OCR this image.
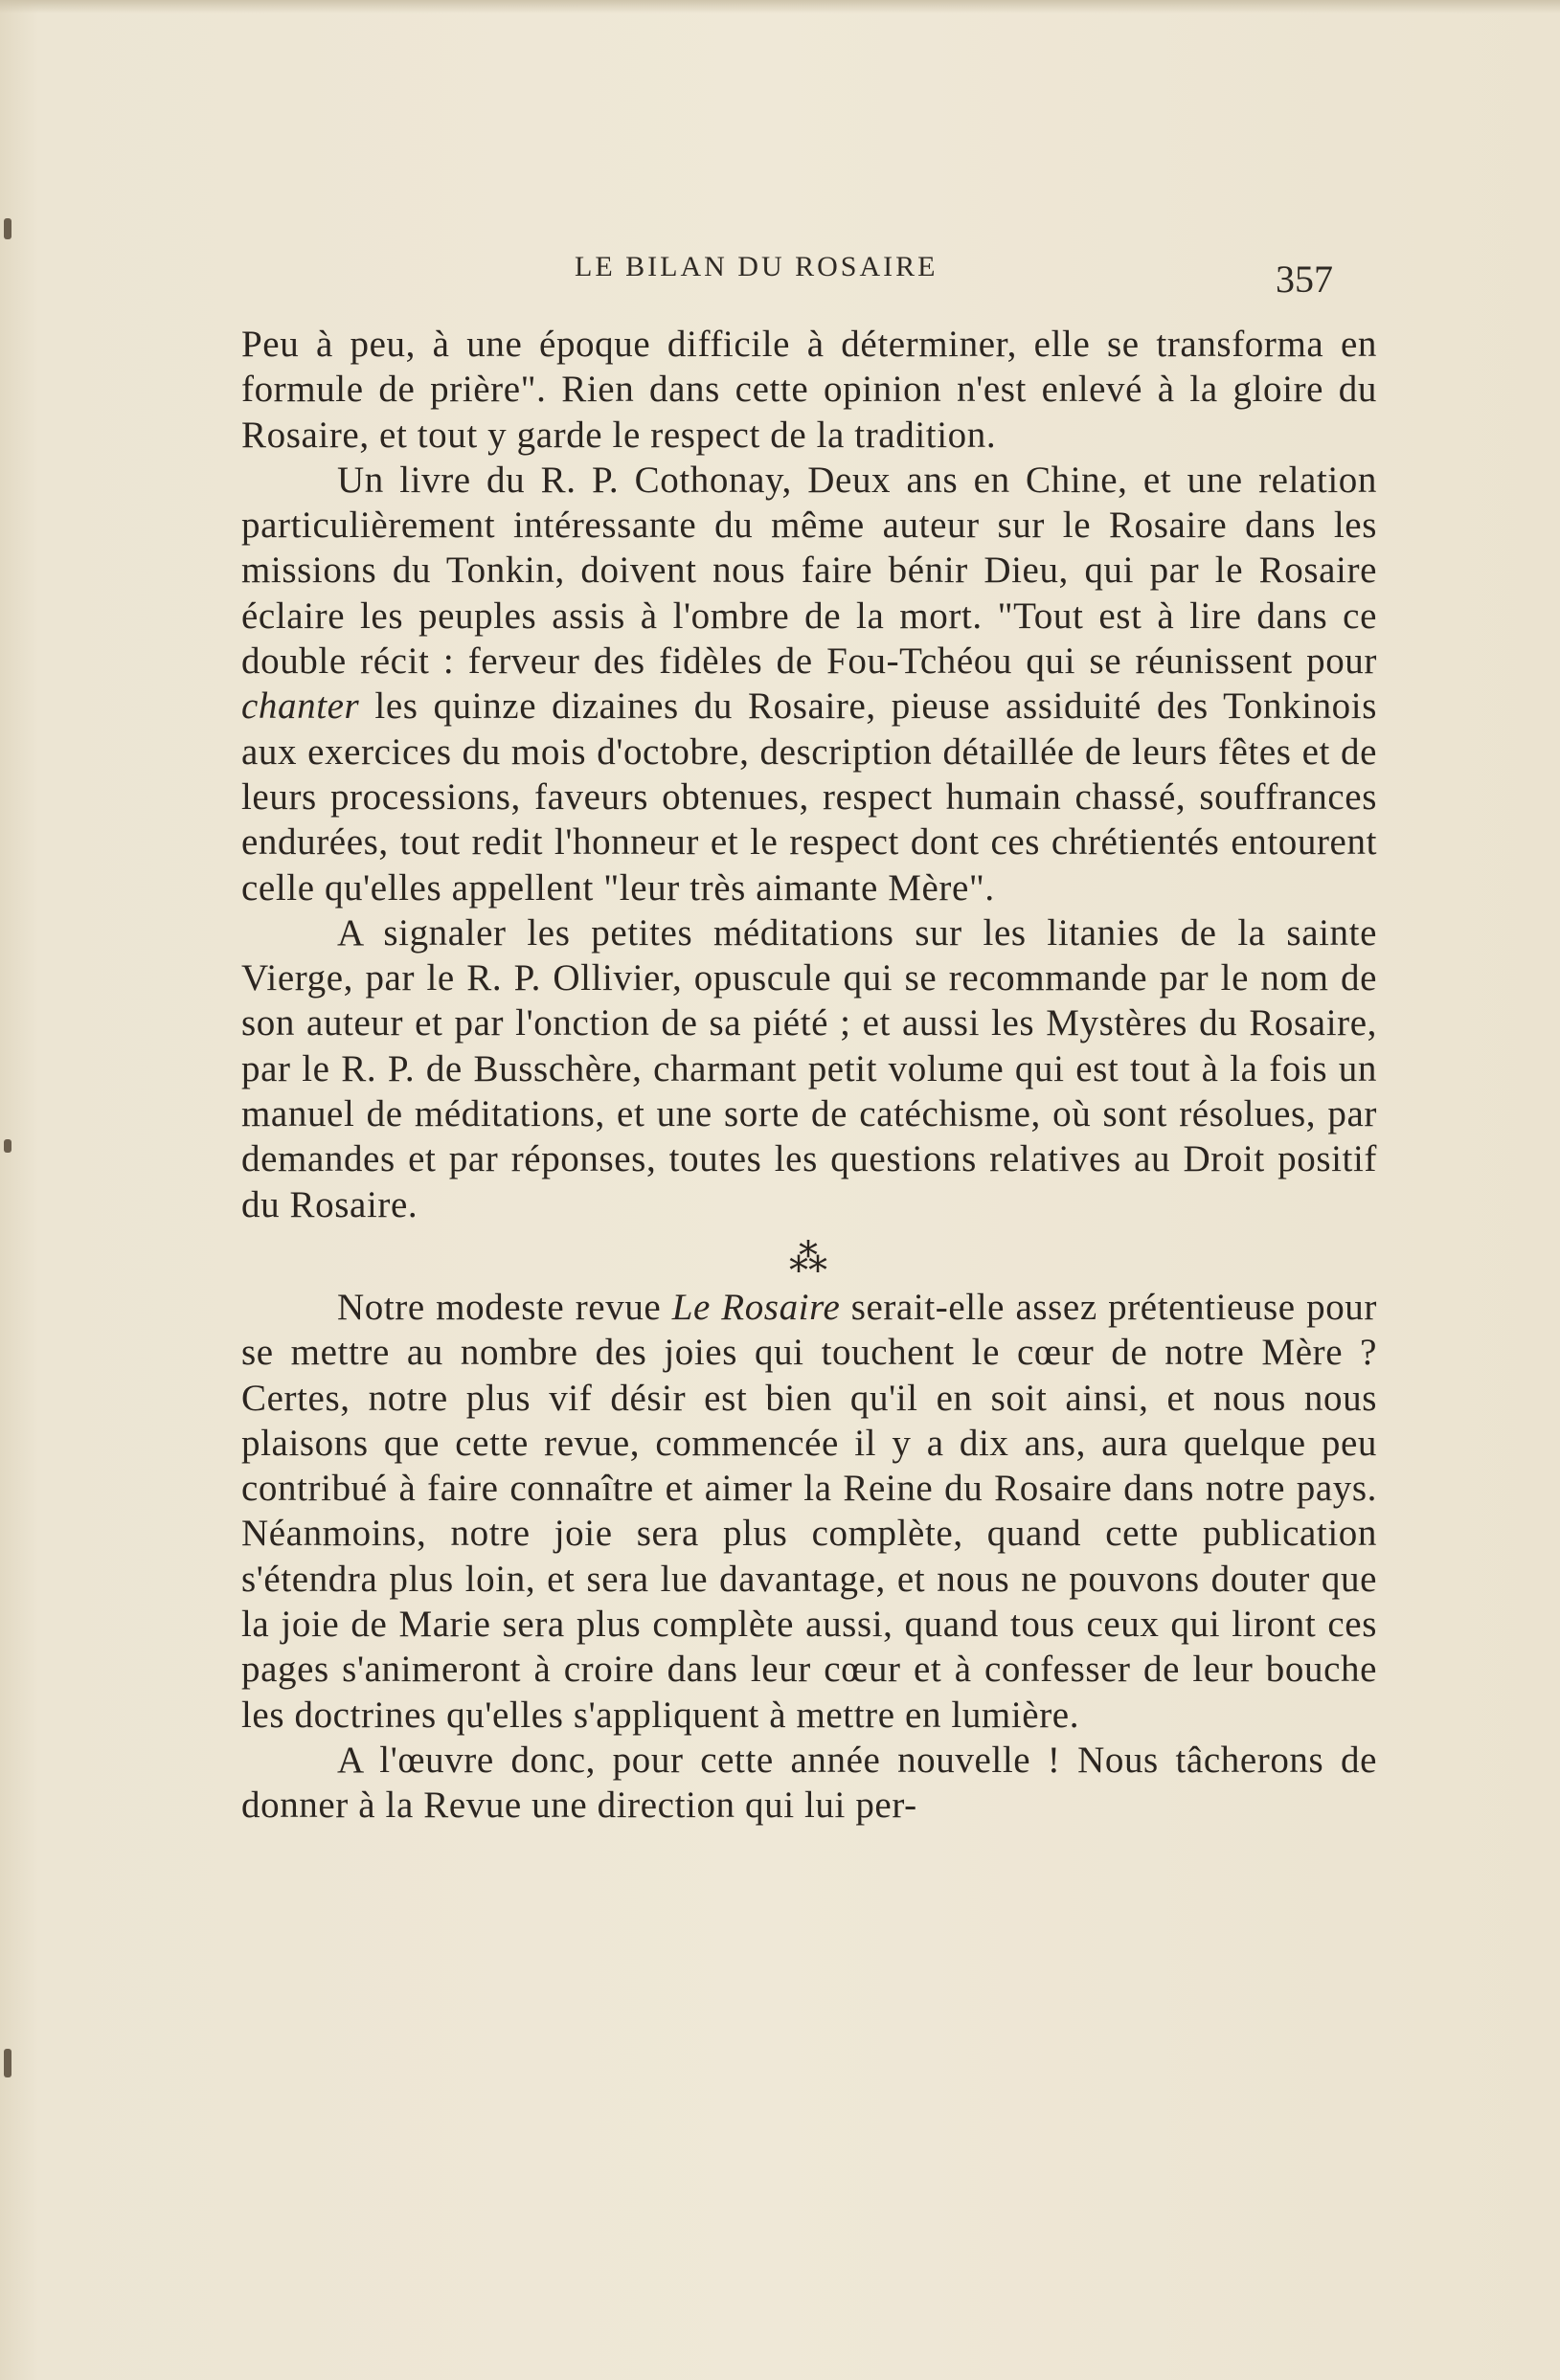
LE BILAN DU ROSAIRE	357

Peu à peu, à une époque difficile à déterminer, elle se transforma en formule de prière". Rien dans cette opinion n'est enlevé à la gloire du Rosaire, et tout y garde le respect de la tradition.

Un livre du R. P. Cothonay, Deux ans en Chine, et une relation particulièrement intéressante du même auteur sur le Rosaire dans les missions du Tonkin, doivent nous faire bénir Dieu, qui par le Rosaire éclaire les peuples assis à l'ombre de la mort. "Tout est à lire dans ce double récit : ferveur des fidèles de Fou-Tchéou qui se réunissent pour chanter les quinze dizaines du Rosaire, pieuse assiduité des Tonkinois aux exercices du mois d'octobre, description détaillée de leurs fêtes et de leurs processions, faveurs obtenues, respect humain chassé, souffrances endurées, tout redit l'honneur et le respect dont ces chrétientés entourent celle qu'elles appellent "leur très aimante Mère".

A signaler les petites méditations sur les litanies de la sainte Vierge, par le R. P. Ollivier, opuscule qui se recommande par le nom de son auteur et par l'onction de sa piété ; et aussi les Mystères du Rosaire, par le R. P. de Busschère, charmant petit volume qui est tout à la fois un manuel de méditations, et une sorte de catéchisme, où sont résolues, par demandes et par réponses, toutes les questions relatives au Droit positif du Rosaire.

⁂

Notre modeste revue Le Rosaire serait-elle assez prétentieuse pour se mettre au nombre des joies qui touchent le cœur de notre Mère ? Certes, notre plus vif désir est bien qu'il en soit ainsi, et nous nous plaisons que cette revue, commencée il y a dix ans, aura quelque peu contribué à faire connaître et aimer la Reine du Rosaire dans notre pays. Néanmoins, notre joie sera plus complète, quand cette publication s'étendra plus loin, et sera lue davantage, et nous ne pouvons douter que la joie de Marie sera plus complète aussi, quand tous ceux qui liront ces pages s'animeront à croire dans leur cœur et à confesser de leur bouche les doctrines qu'elles s'appliquent à mettre en lumière.

A l'œuvre donc, pour cette année nouvelle ! Nous tâcherons de donner à la Revue une direction qui lui per-
